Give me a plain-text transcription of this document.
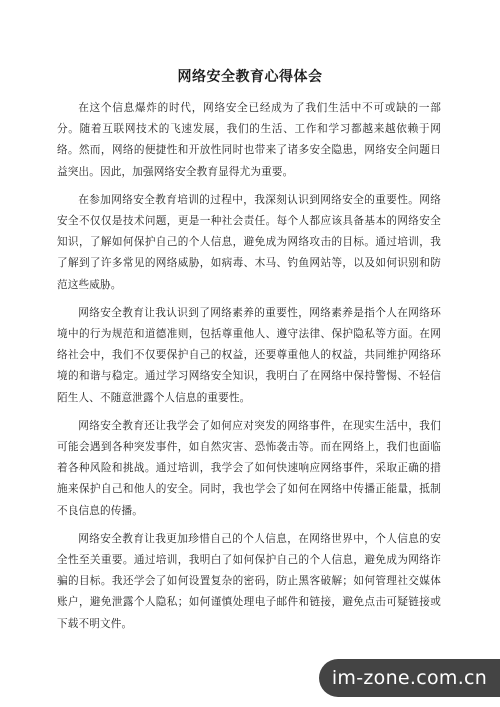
网络安全教育心得体会

在这个信息爆炸的时代，网络安全已经成为了我们生活中不可或缺的一部分。随着互联网技术的飞速发展，我们的生活、工作和学习都越来越依赖于网络。然而，网络的便捷性和开放性同时也带来了诸多安全隐患，网络安全问题日益突出。因此，加强网络安全教育显得尤为重要。

在参加网络安全教育培训的过程中，我深刻认识到网络安全的重要性。网络安全不仅仅是技术问题，更是一种社会责任。每个人都应该具备基本的网络安全知识，了解如何保护自己的个人信息，避免成为网络攻击的目标。通过培训，我了解到了许多常见的网络威胁，如病毒、木马、钓鱼网站等，以及如何识别和防范这些威胁。

网络安全教育让我认识到了网络素养的重要性，网络素养是指个人在网络环境中的行为规范和道德准则，包括尊重他人、遵守法律、保护隐私等方面。在网络社会中，我们不仅要保护自己的权益，还要尊重他人的权益，共同维护网络环境的和谐与稳定。通过学习网络安全知识，我明白了在网络中保持警惕、不轻信陌生人、不随意泄露个人信息的重要性。

网络安全教育还让我学会了如何应对突发的网络事件，在现实生活中，我们可能会遇到各种突发事件，如自然灾害、恐怖袭击等。而在网络上，我们也面临着各种风险和挑战。通过培训，我学会了如何快速响应网络事件，采取正确的措施来保护自己和他人的安全。同时，我也学会了如何在网络中传播正能量，抵制不良信息的传播。

网络安全教育让我更加珍惜自己的个人信息，在网络世界中，个人信息的安全性至关重要。通过培训，我明白了如何保护自己的个人信息，避免成为网络诈骗的目标。我还学会了如何设置复杂的密码，防止黑客破解；如何管理社交媒体账户，避免泄露个人隐私；如何谨慎处理电子邮件和链接，避免点击可疑链接或下载不明文件。

im-zone.com.cn
